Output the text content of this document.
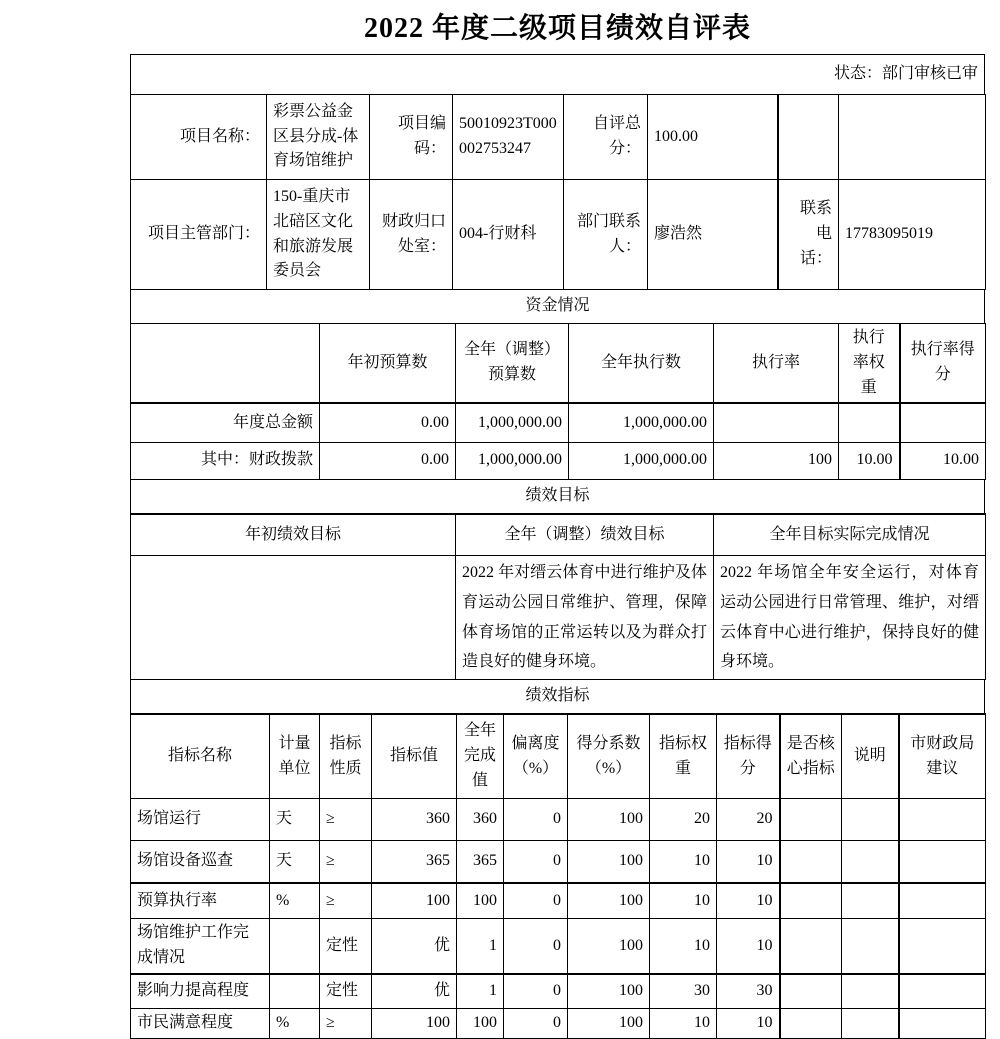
2022 年度二级项目绩效自评表
状态：部门审核已审
项目名称：	彩票公益金区县分成-体育场馆维护	项目编码：	50010923T000002753247	自评总分：	100.00		
项目主管部门：	150-重庆市北碚区文化和旅游发展委员会	财政归口处室：	004-行财科	部门联系人：	廖浩然	联系电话：	17783095019
资金情况
	年初预算数	全年（调整）预算数	全年执行数	执行率	执行率权重	执行率得分
年度总金额	0.00	1,000,000.00	1,000,000.00			
其中：财政拨款	0.00	1,000,000.00	1,000,000.00	100	10.00	10.00
绩效目标
年初绩效目标	全年（调整）绩效目标	全年目标实际完成情况
	2022 年对缙云体育中进行维护及体育运动公园日常维护、管理，保障体育场馆的正常运转以及为群众打造良好的健身环境。	2022 年场馆全年安全运行，对体育运动公园进行日常管理、维护，对缙云体育中心进行维护，保持良好的健身环境。
绩效指标
指标名称	计量单位	指标性质	指标值	全年完成值	偏离度（%）	得分系数（%）	指标权重	指标得分	是否核心指标	说明	市财政局建议
场馆运行	天	≥	360	360	0	100	20	20			
场馆设备巡查	天	≥	365	365	0	100	10	10			
预算执行率	%	≥	100	100	0	100	10	10			
场馆维护工作完成情况		定性	优	1	0	100	10	10			
影响力提高程度		定性	优	1	0	100	30	30			
市民满意程度	%	≥	100	100	0	100	10	10			
